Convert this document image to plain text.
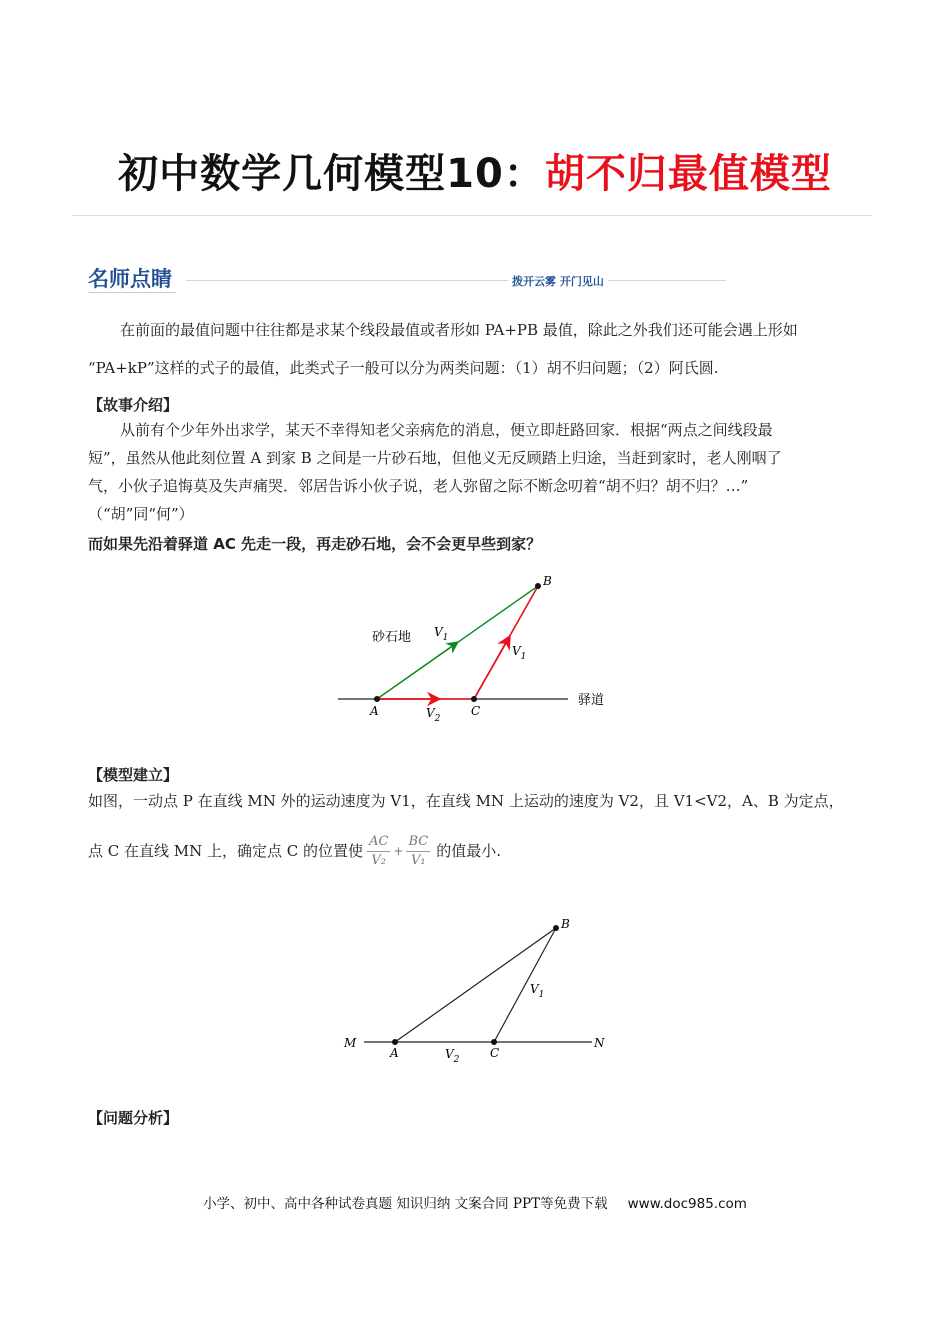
初中数学几何模型10：胡不归最值模型
名师点睛	拨开云雾 开门见山
在前面的最值问题中往往都是求某个线段最值或者形如 PA+PB 最值，除此之外我们还可能会遇上形如
“PA+kP”这样的式子的最值，此类式子一般可以分为两类问题：（1）胡不归问题；（2）阿氏圆.
【故事介绍】
从前有个少年外出求学，某天不幸得知老父亲病危的消息，便立即赶路回家．根据“两点之间线段最
短”，虽然从他此刻位置 A 到家 B 之间是一片砂石地，但他义无反顾踏上归途，当赶到家时，老人刚咽了
气，小伙子追悔莫及失声痛哭．邻居告诉小伙子说，老人弥留之际不断念叨着“胡不归？胡不归？…”
（“胡”同“何”）
而如果先沿着驿道 AC 先走一段，再走砂石地，会不会更早些到家？
B
A	C
$V_1$
$V_1$
$V_2$
砂石地
驿道
【模型建立】
如图，一动点 P 在直线 MN 外的运动速度为 V1，在直线 MN 上运动的速度为 V2，且 V1<V2，A、B 为定点，
点 C 在直线 MN 上，确定点 C 的位置使 $\frac{AC}{\text{V₂}} + \frac{BC}{\text{V₁}}$ 的值最小.
M	N
A	C
B
$V_1$
$V_2$
【问题分析】
小学、初中、高中各种试卷真题 知识归纳 文案合同 PPT等免费下载 www.doc985.com
